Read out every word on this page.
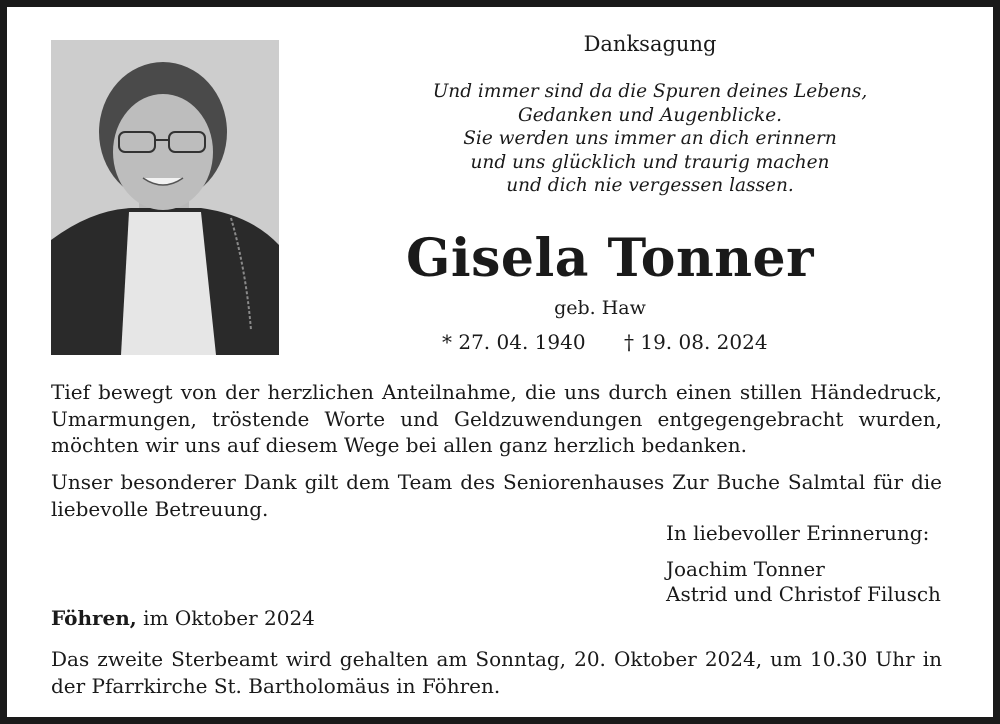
Danksagung
Und immer sind da die Spuren deines Lebens,
Gedanken und Augenblicke.
Sie werden uns immer an dich erinnern
und uns glücklich und traurig machen
und dich nie vergessen lassen.
Gisela Tonner
geb. Haw
* 27. 04. 1940 † 19. 08. 2024
Tief bewegt von der herzlichen Anteilnahme, die uns durch einen stillen Händedruck,
Umarmungen, tröstende Worte und Geldzuwendungen entgegengebracht wurden,
möchten wir uns auf diesem Wege bei allen ganz herzlich bedanken.
Unser besonderer Dank gilt dem Team des Seniorenhauses Zur Buche Salmtal für die
liebevolle Betreuung.
In liebevoller Erinnerung:
Joachim Tonner
Astrid und Christof Filusch
Föhren, im Oktober 2024
Das zweite Sterbeamt wird gehalten am Sonntag, 20. Oktober 2024, um 10.30 Uhr in
der Pfarrkirche St. Bartholomäus in Föhren.
